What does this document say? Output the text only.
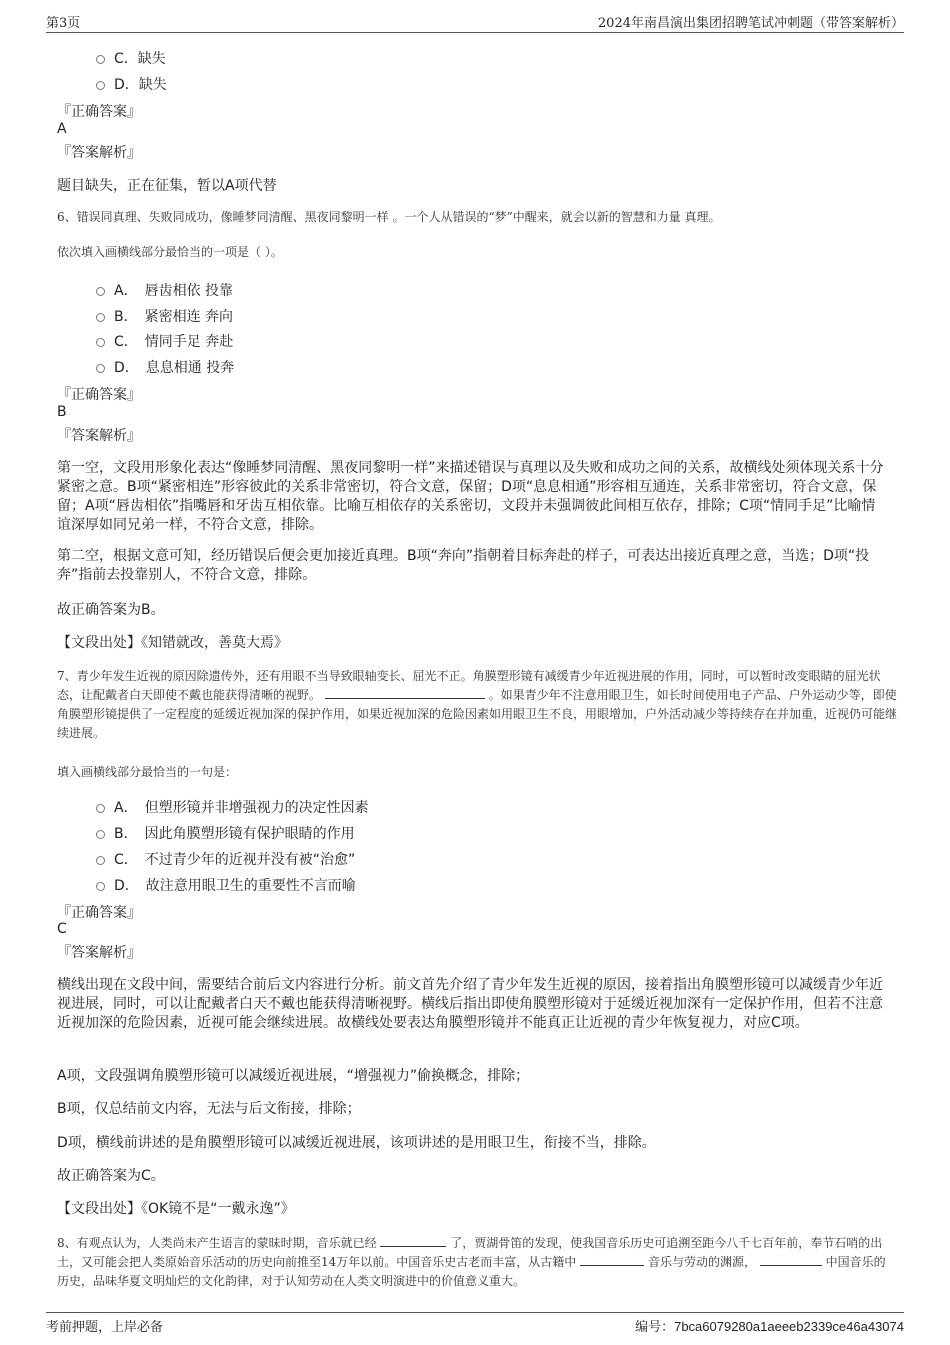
第3页	2024年南昌演出集团招聘笔试冲刺题（带答案解析）
C．缺失
D．缺失
『正确答案』
A
『答案解析』
题目缺失，正在征集，暂以A项代替
6、错误同真理、失败同成功，像睡梦同清醒、黑夜同黎明一样 。一个人从错误的“梦”中醒来，就会以新的智慧和力量 真理。
依次填入画横线部分最恰当的一项是（ ）。
A．　唇齿相依 投靠
B．　紧密相连 奔向
C．　情同手足 奔赴
D．　息息相通 投奔
『正确答案』
B
『答案解析』
第一空，文段用形象化表达“像睡梦同清醒、黑夜同黎明一样”来描述错误与真理以及失败和成功之间的关系，故横线处须体现关系十分紧密之意。B项“紧密相连”形容彼此的关系非常密切，符合文意，保留；D项“息息相通”形容相互通连，关系非常密切，符合文意，保留；A项“唇齿相依”指嘴唇和牙齿互相依靠。比喻互相依存的关系密切，文段并未强调彼此间相互依存，排除；C项“情同手足”比喻情谊深厚如同兄弟一样，不符合文意，排除。
第二空，根据文意可知，经历错误后便会更加接近真理。B项“奔向”指朝着目标奔赴的样子，可表达出接近真理之意，当选；D项“投奔”指前去投靠别人，不符合文意，排除。
故正确答案为B。
【文段出处】《知错就改，善莫大焉》
7、青少年发生近视的原因除遗传外，还有用眼不当导致眼轴变长、屈光不正。角膜塑形镜有减缓青少年近视进展的作用，同时，可以暂时改变眼睛的屈光状态，让配戴者白天即使不戴也能获得清晰的视野。	。如果青少年不注意用眼卫生，如长时间使用电子产品、户外运动少等，即使角膜塑形镜提供了一定程度的延缓近视加深的保护作用，如果近视加深的危险因素如用眼卫生不良，用眼增加，户外活动减少等持续存在并加重，近视仍可能继续进展。
填入画横线部分最恰当的一句是：
A．　但塑形镜并非增强视力的决定性因素
B．　因此角膜塑形镜有保护眼睛的作用
C．　不过青少年的近视并没有被“治愈”
D．　故注意用眼卫生的重要性不言而喻
『正确答案』
C
『答案解析』
横线出现在文段中间，需要结合前后文内容进行分析。前文首先介绍了青少年发生近视的原因，接着指出角膜塑形镜可以减缓青少年近视进展，同时，可以让配戴者白天不戴也能获得清晰视野。横线后指出即使角膜塑形镜对于延缓近视加深有一定保护作用，但若不注意近视加深的危险因素，近视可能会继续进展。故横线处要表达角膜塑形镜并不能真正让近视的青少年恢复视力，对应C项。
A项，文段强调角膜塑形镜可以减缓近视进展，“增强视力”偷换概念，排除；
B项，仅总结前文内容，无法与后文衔接，排除；
D项，横线前讲述的是角膜塑形镜可以减缓近视进展，该项讲述的是用眼卫生，衔接不当，排除。
故正确答案为C。
【文段出处】《OK镜不是“一戴永逸”》
8、有观点认为，人类尚未产生语言的蒙昧时期，音乐就已经	了，贾湖骨笛的发现，使我国音乐历史可追溯至距今八千七百年前，奉节石哨的出土，又可能会把人类原始音乐活动的历史向前推至14万年以前。中国音乐史古老而丰富，从古籍中	音乐与劳动的渊源，	中国音乐的历史，品味华夏文明灿烂的文化韵律，对于认知劳动在人类文明演进中的价值意义重大。
考前押题，上岸必备	编号：7bca6079280a1aeeeb2339ce46a43074
